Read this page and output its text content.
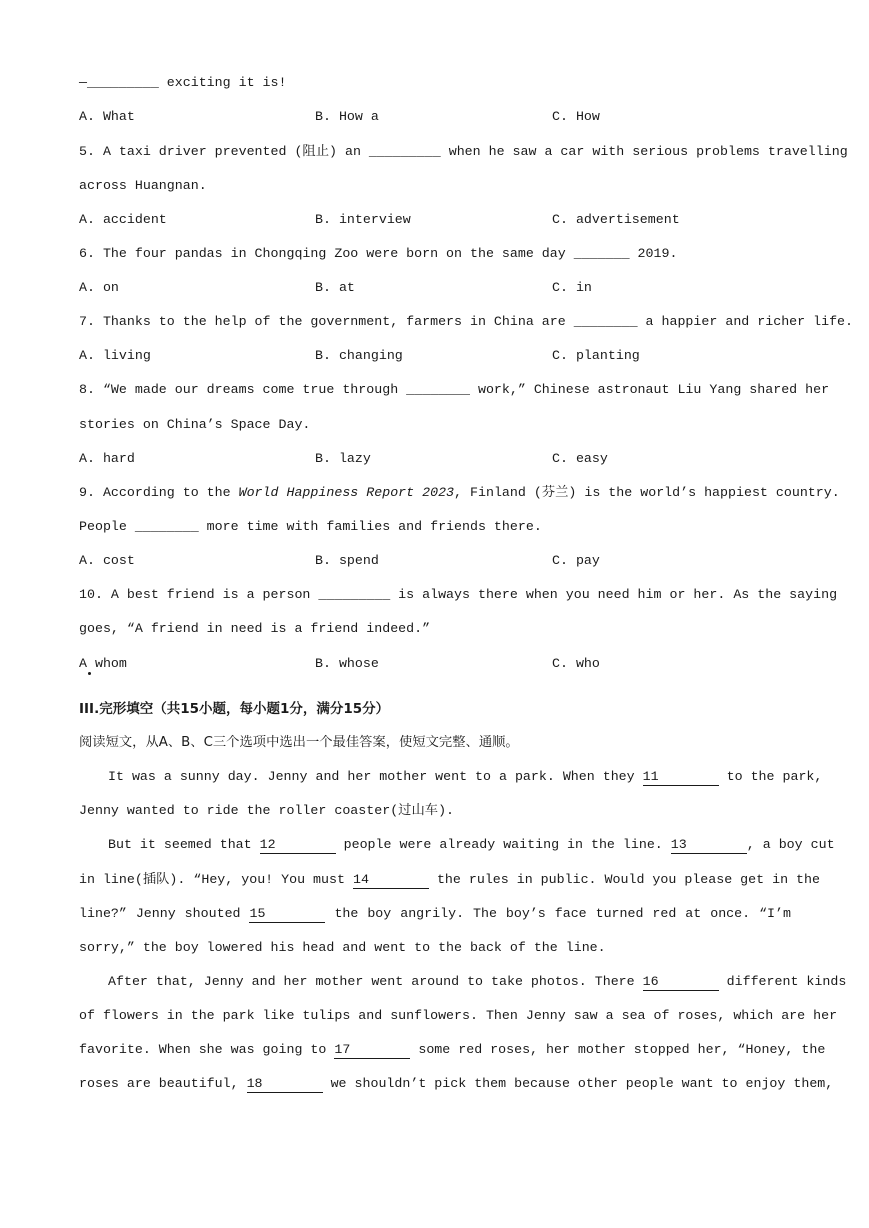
—_________ exciting it is!
A. What	B. How a	C. How
5. A taxi driver prevented (阻止) an _________ when he saw a car with serious problems travelling
across Huangnan.
A. accident	B. interview	C. advertisement
6. The four pandas in Chongqing Zoo were born on the same day _______ 2019.
A. on	B. at	C. in
7. Thanks to the help of the government, farmers in China are ________ a happier and richer life.
A. living	B. changing	C. planting
8. “We made our dreams come true through ________ work,” Chinese astronaut Liu Yang shared her
stories on China’s Space Day.
A. hard	B. lazy	C. easy
9. According to the World Happiness Report 2023, Finland (芬兰) is the world’s happiest country.
People ________ more time with families and friends there.
A. cost	B. spend	C. pay
10. A best friend is a person _________ is always there when you need him or her. As the saying
goes, “A friend in need is a friend indeed.”
A whom	B. whose	C. who
III.完形填空（共15小题，每小题1分，满分15分）
阅读短文，从A、B、C三个选项中选出一个最佳答案，使短文完整、通顺。
It was a sunny day. Jenny and her mother went to a park. When they 11	to the park,
Jenny wanted to ride the roller coaster(过山车).
But it seemed that 12	people were already waiting in the line. 13	, a boy cut
in line(插队). “Hey, you! You must 14	the rules in public. Would you please get in the
line?” Jenny shouted 15	the boy angrily. The boy’s face turned red at once. “I’m
sorry,” the boy lowered his head and went to the back of the line.
After that, Jenny and her mother went around to take photos. There 16	different kinds
of flowers in the park like tulips and sunflowers. Then Jenny saw a sea of roses, which are her
favorite. When she was going to 17	some red roses, her mother stopped her, “Honey, the
roses are beautiful, 18	we shouldn’t pick them because other people want to enjoy them,
